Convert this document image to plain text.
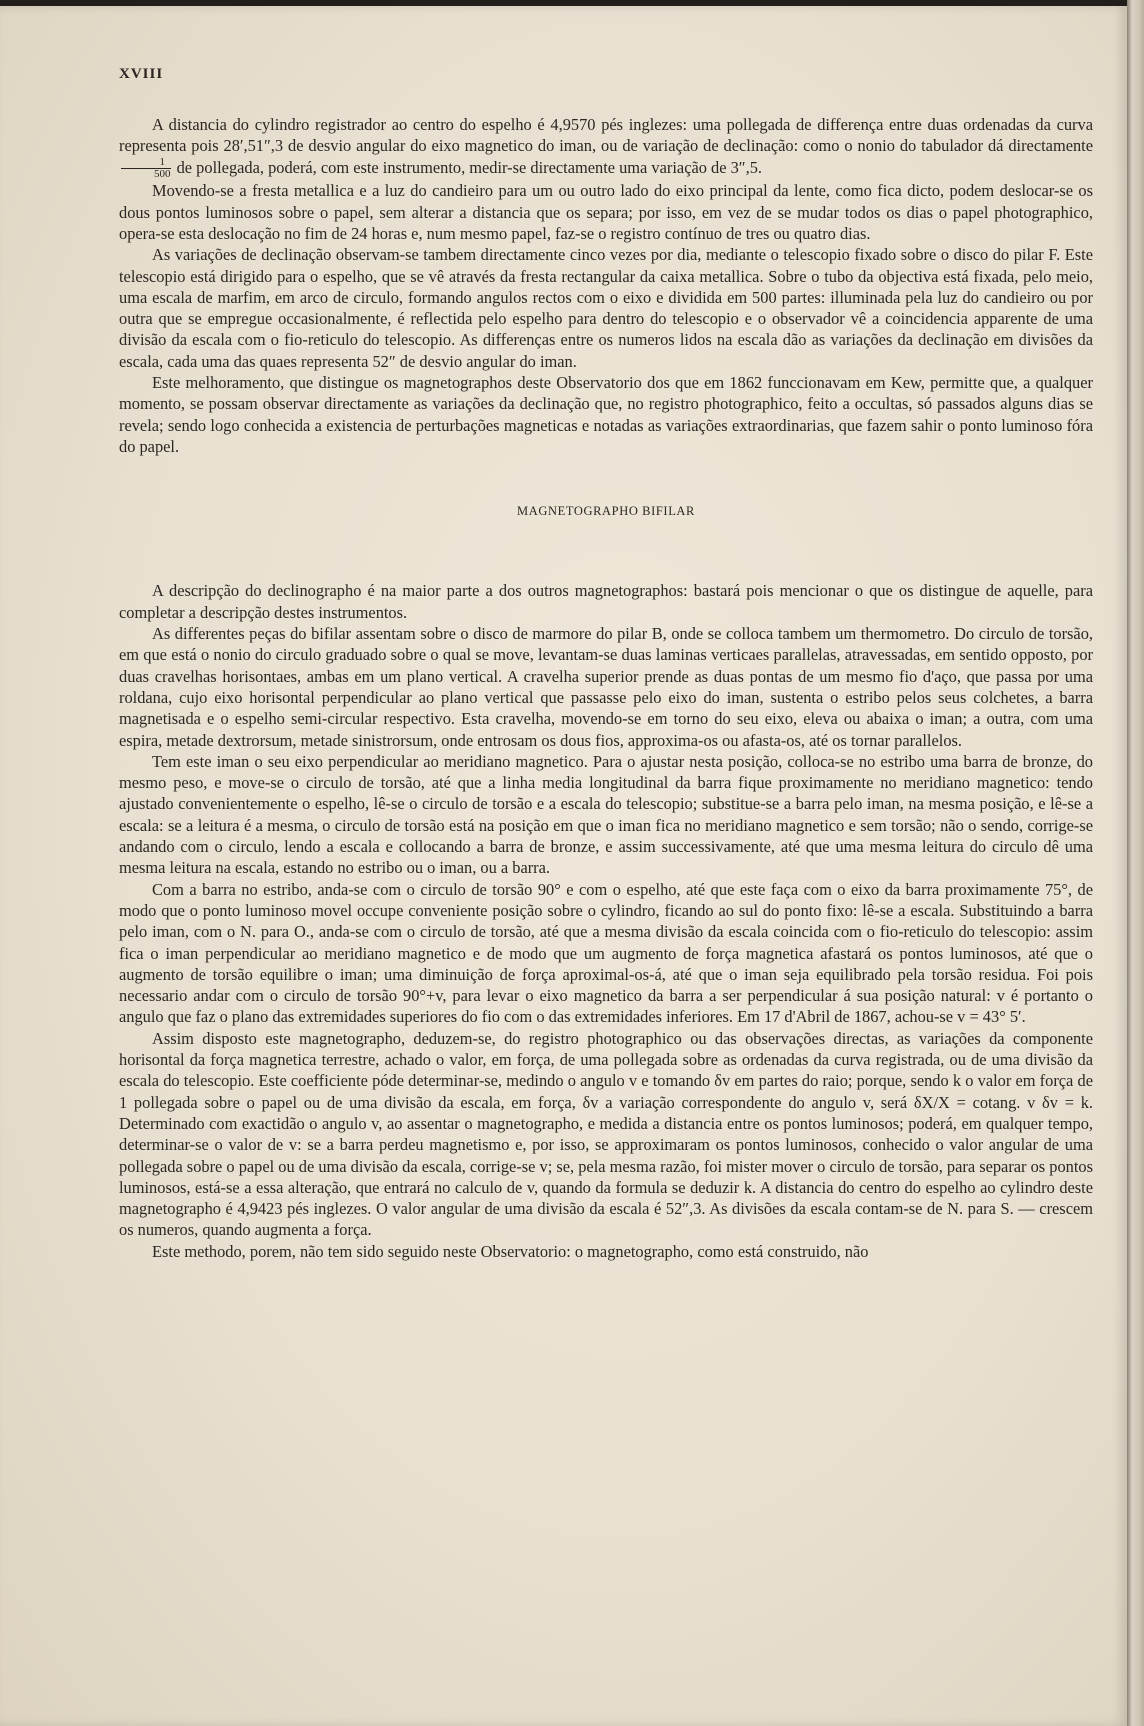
XVIII

A distancia do cylindro registrador ao centro do espelho é 4,9570 pés inglezes: uma pollegada de differença entre duas ordenadas da curva representa pois 28′,51″,3 de desvio angular do eixo magnetico do iman, ou de variação de declinação: como o nonio do tabulador dá directamente
$\frac{1}{500}$ de pollegada, poderá, com este instrumento, medir-se directamente uma variação de 3″,5.

Movendo-se a fresta metallica e a luz do candieiro para um ou outro lado do eixo principal da lente, como fica dicto, podem deslocar-se os dous pontos luminosos sobre o papel, sem alterar a distancia que os separa; por isso, em vez de se mudar todos os dias o papel photographico, opera-se esta deslocação no fim de 24 horas e, num mesmo papel, faz-se o registro contínuo de tres ou quatro dias.

As variações de declinação observam-se tambem directamente cinco vezes por dia, mediante o telescopio fixado sobre o disco do pilar F. Este telescopio está dirigido para o espelho, que se vê através da fresta rectangular da caixa metallica. Sobre o tubo da objectiva está fixada, pelo meio, uma escala de marfim, em arco de circulo, formando angulos rectos com o eixo e dividida em 500 partes: illuminada pela luz do candieiro ou por outra que se empregue occasionalmente, é reflectida pelo espelho para dentro do telescopio e o observador vê a coincidencia apparente de uma divisão da escala com o fio-reticulo do telescopio. As differenças entre os numeros lidos na escala dão as variações da declinação em divisões da escala, cada uma das quaes representa 52″ de desvio angular do iman.

Este melhoramento, que distingue os magnetographos deste Observatorio dos que em 1862 funccionavam em Kew, permitte que, a qualquer momento, se possam observar directamente as variações da declinação que, no registro photographico, feito a occultas, só passados alguns dias se revela; sendo logo conhecida a existencia de perturbações magneticas e notadas as variações extraordinarias, que fazem sahir o ponto luminoso fóra do papel.

MAGNETOGRAPHO BIFILAR

A descripção do declinographo é na maior parte a dos outros magnetographos: bastará pois mencionar o que os distingue de aquelle, para completar a descripção destes instrumentos.

As differentes peças do bifilar assentam sobre o disco de marmore do pilar B, onde se colloca tambem um thermometro. Do circulo de torsão, em que está o nonio do circulo graduado sobre o qual se move, levantam-se duas laminas verticaes parallelas, atravessadas, em sentido opposto, por duas cravelhas horisontaes, ambas em um plano vertical. A cravelha superior prende as duas pontas de um mesmo fio d'aço, que passa por uma roldana, cujo eixo horisontal perpendicular ao plano vertical que passasse pelo eixo do iman, sustenta o estribo pelos seus colchetes, a barra magnetisada e o espelho semi-circular respectivo. Esta cravelha, movendo-se em torno do seu eixo, eleva ou abaixa o iman; a outra, com uma espira, metade dextrorsum, metade sinistrorsum, onde entrosam os dous fios, approxima-os ou afasta-os, até os tornar parallelos.

Tem este iman o seu eixo perpendicular ao meridiano magnetico. Para o ajustar nesta posição, colloca-se no estribo uma barra de bronze, do mesmo peso, e move-se o circulo de torsão, até que a linha media longitudinal da barra fique proximamente no meridiano magnetico: tendo ajustado convenientemente o espelho, lê-se o circulo de torsão e a escala do telescopio; substitue-se a barra pelo iman, na mesma posição, e lê-se a escala: se a leitura é a mesma, o circulo de torsão está na posição em que o iman fica no meridiano magnetico e sem torsão; não o sendo, corrige-se andando com o circulo, lendo a escala e collocando a barra de bronze, e assim successivamente, até que uma mesma leitura do circulo dê uma mesma leitura na escala, estando no estribo ou o iman, ou a barra.

Com a barra no estribo, anda-se com o circulo de torsão 90° e com o espelho, até que este faça com o eixo da barra proximamente 75°, de modo que o ponto luminoso movel occupe conveniente posição sobre o cylindro, ficando ao sul do ponto fixo: lê-se a escala. Substituindo a barra pelo iman, com o N. para O., anda-se com o circulo de torsão, até que a mesma divisão da escala coincida com o fio-reticulo do telescopio: assim fica o iman perpendicular ao meridiano magnetico e de modo que um augmento de força magnetica afastará os pontos luminosos, até que o augmento de torsão equilibre o iman; uma diminuição de força aproximal-os-á, até que o iman seja equilibrado pela torsão residua. Foi pois necessario andar com o circulo de torsão 90°+v, para levar o eixo magnetico da barra a ser perpendicular á sua posição natural: v é portanto o angulo que faz o plano das extremidades superiores do fio com o das extremidades inferiores. Em 17 d'Abril de 1867, achou-se v = 43° 5′.

Assim disposto este magnetographo, deduzem-se, do registro photographico ou das observações directas, as variações da componente horisontal da força magnetica terrestre, achado o valor, em força, de uma pollegada sobre as ordenadas da curva registrada, ou de uma divisão da escala do telescopio. Este coefficiente póde determinar-se, medindo o angulo v e tomando δv em partes do raio; porque, sendo k o valor em força de 1 pollegada sobre o papel ou de uma divisão da escala, em força, δv a variação correspondente do angulo v, será δX/X = cotang. v δv = k. Determinado com exactidão o angulo v, ao assentar o magnetographo, e medida a distancia entre os pontos luminosos; poderá, em qualquer tempo, determinar-se o valor de v: se a barra perdeu magnetismo e, por isso, se approximaram os pontos luminosos, conhecido o valor angular de uma pollegada sobre o papel ou de uma divisão da escala, corrige-se v; se, pela mesma razão, foi mister mover o circulo de torsão, para separar os pontos luminosos, está-se a essa alteração, que entrará no calculo de v, quando da formula se deduzir k. A distancia do centro do espelho ao cylindro deste magnetographo é 4,9423 pés inglezes. O valor angular de uma divisão da escala é 52″,3. As divisões da escala contam-se de N. para S. — crescem os numeros, quando augmenta a força.

Este methodo, porem, não tem sido seguido neste Observatorio: o magnetographo, como está construido, não
